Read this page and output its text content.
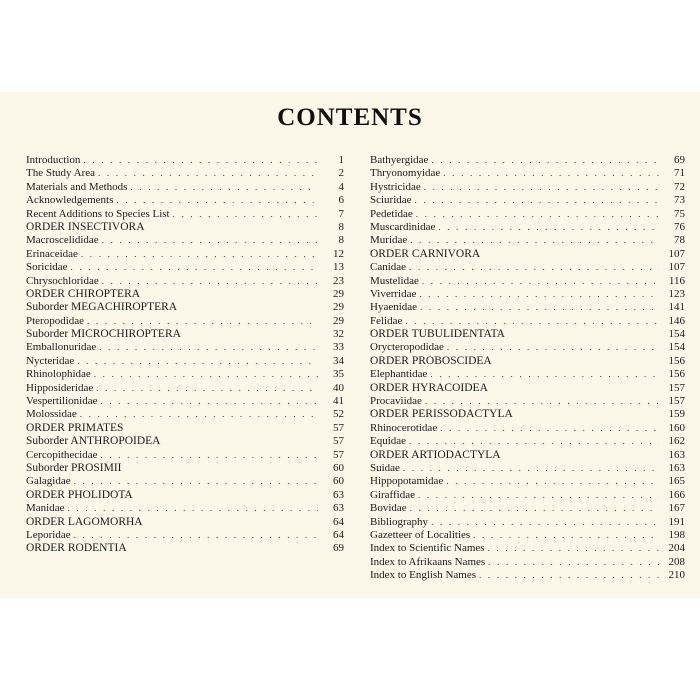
CONTENTS
Introduction . . .	1
The Study Area . . .	2
Materials and Methods . . .	4
Acknowledgements . . .	6
Recent Additions to Species List . . .	7
ORDER INSECTIVORA	8
Macroscelididae . . .	8
Erinaceidae . . .	12
Soricidae . . .	13
Chrysochloridae . . .	23
ORDER CHIROPTERA	29
Suborder MEGACHIROPTERA	29
Pteropodidae . . .	29
Suborder MICROCHIROPTERA	32
Emballonuridae . . .	33
Nycteridae . . .	34
Rhinolophidae . . .	35
Hipposideridae . . .	40
Vespertilionidae . . .	41
Molossidae . . .	52
ORDER PRIMATES	57
Suborder ANTHROPOIDEA	57
Cercopithecidae . . .	57
Suborder PROSIMII	60
Galagidae . . .	60
ORDER PHOLIDOTA	63
Manidae . . .	63
ORDER LAGOMORHA	64
Leporidae . . .	64
ORDER RODENTIA	69
Bathyergidae . . .	69
Thryonomyidae . . .	71
Hystricidae . . .	72
Sciuridae . . .	73
Pedetidae . . .	75
Muscardinidae . . .	76
Muridae . . .	78
ORDER CARNIVORA	107
Canidae . . .	107
Mustelidae . . .	116
Viverridae . . .	123
Hyaenidae . . .	141
Felidae . . .	146
ORDER TUBULIDENTATA	154
Orycteropodidae . . .	154
ORDER PROBOSCIDEA	156
Elephantidae . . .	156
ORDER HYRACOIDEA	157
Procaviidae . . .	157
ORDER PERISSODACTYLA	159
Rhinocerotidae . . .	160
Equidae . . .	162
ORDER ARTIODACTYLA	163
Suidae . . .	163
Hippopotamidae . . .	165
Giraffidae . . .	166
Bovidae . . .	167
Bibliography . . .	191
Gazetteer of Localities . . .	198
Index to Scientific Names . . .	204
Index to Afrikaans Names . . .	208
Index to English Names . . .	210
